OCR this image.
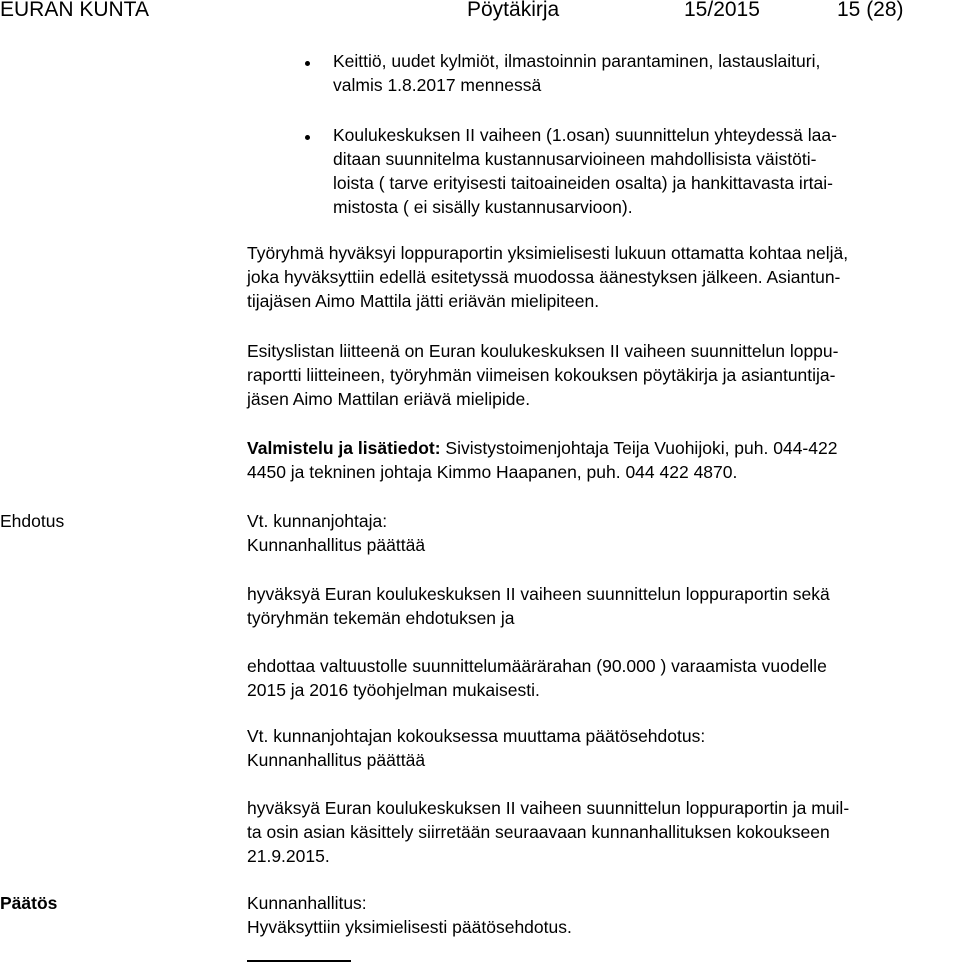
EURAN KUNTA	Pöytäkirja	15/2015	15 (28)
Keittiö, uudet kylmiöt, ilmastoinnin parantaminen, lastauslaituri,
valmis 1.8.2017 mennessä
Koulukeskuksen II vaiheen (1.osan) suunnittelun yhteydessä laa-
ditaan suunnitelma kustannusarvioineen mahdollisista väistöti-
loista ( tarve erityisesti taitoaineiden osalta) ja hankittavasta irtai-
mistosta ( ei sisälly kustannusarvioon).
Työryhmä hyväksyi loppuraportin yksimielisesti lukuun ottamatta kohtaa neljä,
joka hyväksyttiin edellä esitetyssä muodossa äänestyksen jälkeen. Asiantun-
tijajäsen Aimo Mattila jätti eriävän mielipiteen.
Esityslistan liitteenä on Euran koulukeskuksen II vaiheen suunnittelun loppu-
raportti liitteineen, työryhmän viimeisen kokouksen pöytäkirja ja asiantuntija-
jäsen Aimo Mattilan eriävä mielipide.
Valmistelu ja lisätiedot: Sivistystoimenjohtaja Teija Vuohijoki, puh. 044-422
4450 ja tekninen johtaja Kimmo Haapanen, puh. 044 422 4870.
Ehdotus	Vt. kunnanjohtaja:
Kunnanhallitus päättää
hyväksyä Euran koulukeskuksen II vaiheen suunnittelun loppuraportin sekä
työryhmän tekemän ehdotuksen ja
ehdottaa valtuustolle suunnittelumäärärahan (90.000 ) varaamista vuodelle
2015 ja 2016 työohjelman mukaisesti.
Vt. kunnanjohtajan kokouksessa muuttama päätösehdotus:
Kunnanhallitus päättää
hyväksyä Euran koulukeskuksen II vaiheen suunnittelun loppuraportin ja muil-
ta osin asian käsittely siirretään seuraavaan kunnanhallituksen kokoukseen
21.9.2015.
Päätös	Kunnanhallitus:
Hyväksyttiin yksimielisesti päätösehdotus.
